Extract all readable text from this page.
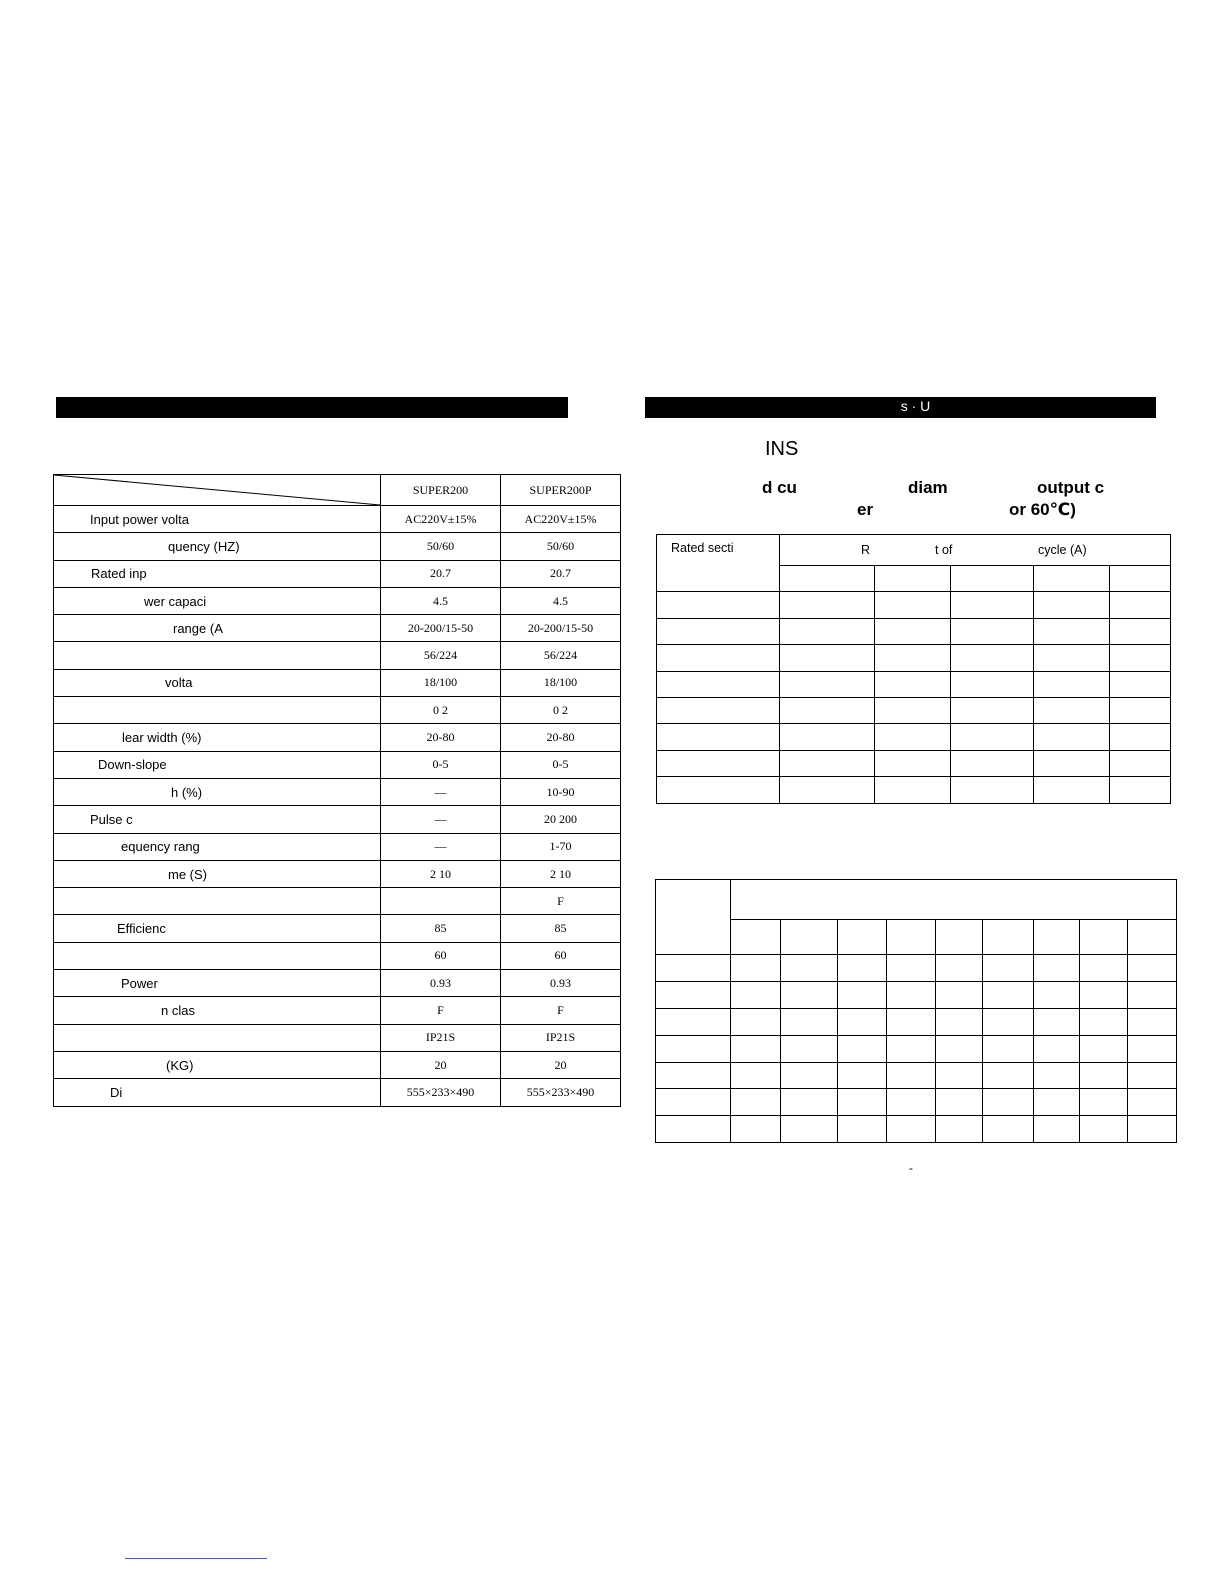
	SUPER200	SUPER200P
Input power volta	AC220V±15%	AC220V±15%
quency (HZ)	50/60	50/60
Rated inp	20.7	20.7
wer capaci	4.5	4.5
range (A	20-200/15-50	20-200/15-50
	56/224	56/224
volta	18/100	18/100
	0 2	0 2
lear width (%)	20-80	20-80
Down-slope	0-5	0-5
h (%)	—	10-90
Pulse c	—	20 200
equency rang	—	1-70
me (S)	2 10	2 10
		F
Efficienc	85	85
	60	60
Power	0.93	0.93
n clas	F	F
	IP21S	IP21S
(KG)	20	20
Di	555×233×490	555×233×490
s · U
INS
d cu	diam	output c
er	or 60℃)
Rated secti	R t of cycle (A)				

-
